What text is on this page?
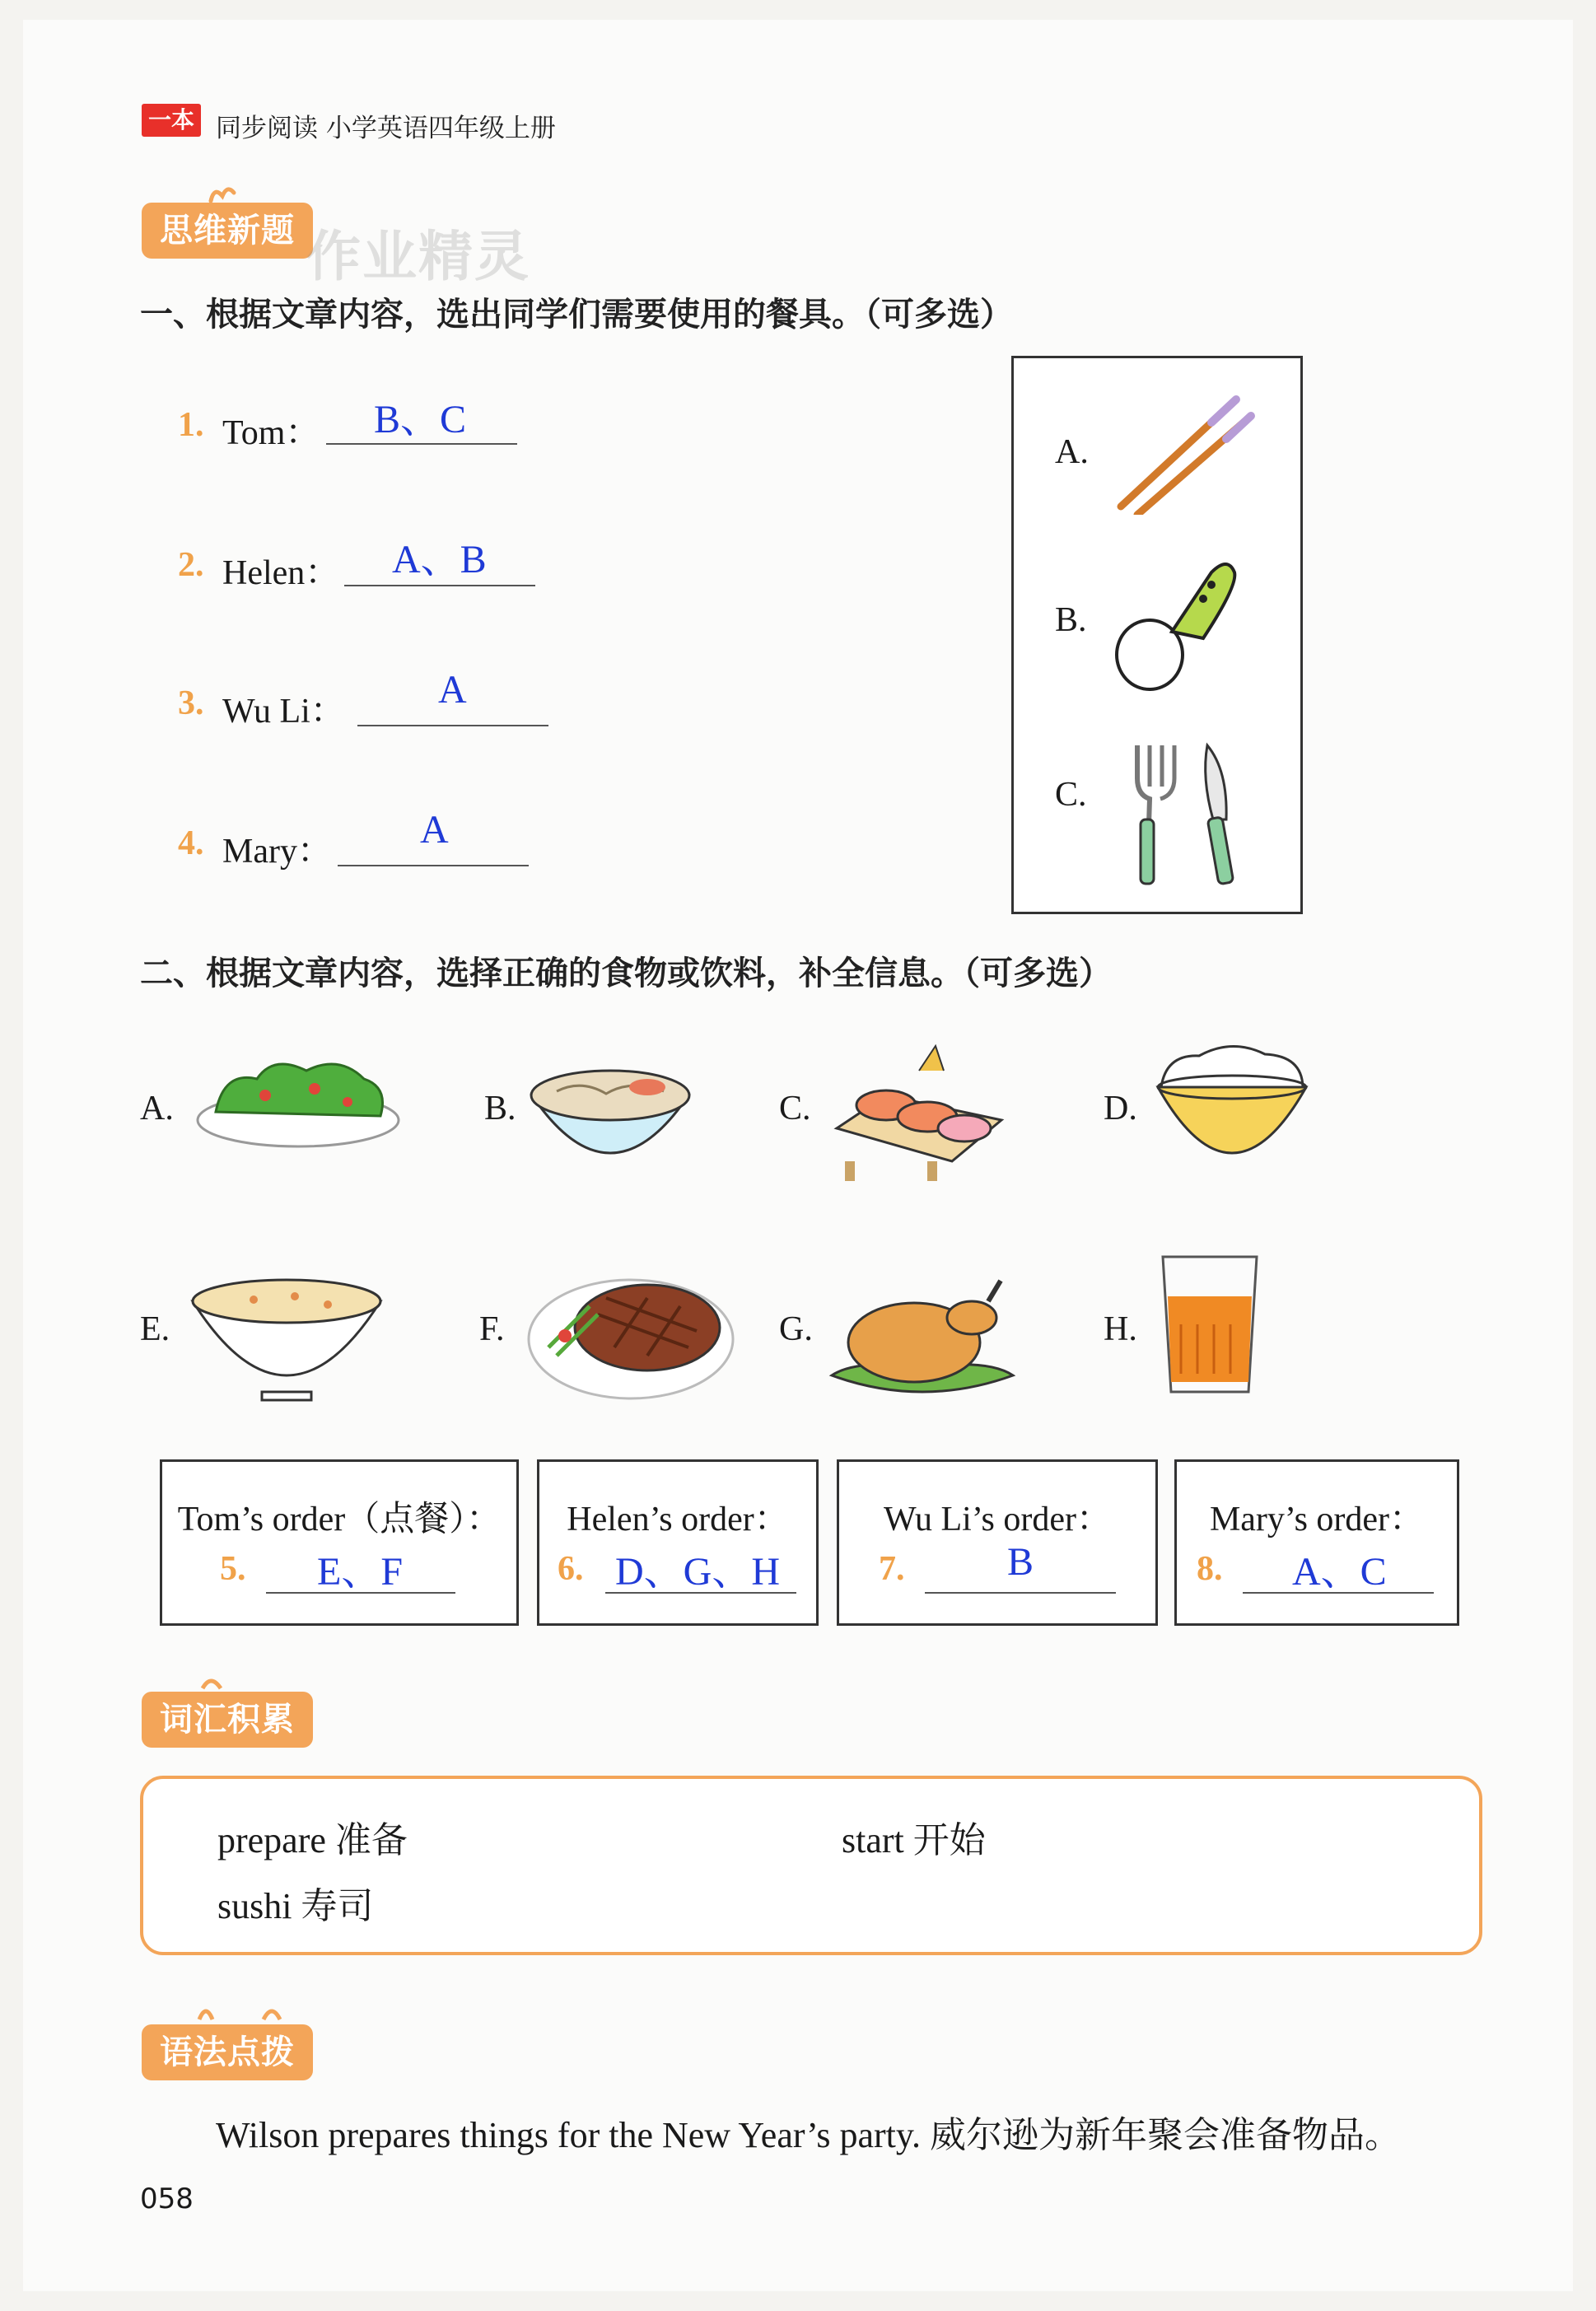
一本 同步阅读 小学英语四年级上册
思维新题 作业精灵
一、根据文章内容，选出同学们需要使用的餐具。（可多选）
1. Tom： B、C
2. Helen： A、B
3. Wu Li： A
4. Mary： A
A.
B.
C.
二、根据文章内容，选择正确的食物或饮料，补全信息。（可多选）
A.	B.	C.	D.
E.	F.	G.	H.
Tom’s order（点餐）：
5. E、F
Helen’s order：
6. D、G、H
Wu Li’s order：
7.	B
Mary’s order：
8. A、C
词汇积累
prepare 准备	start 开始
sushi 寿司
语法点拨
Wilson prepares things for the New Year’s party. 威尔逊为新年聚会准备物品。
058
